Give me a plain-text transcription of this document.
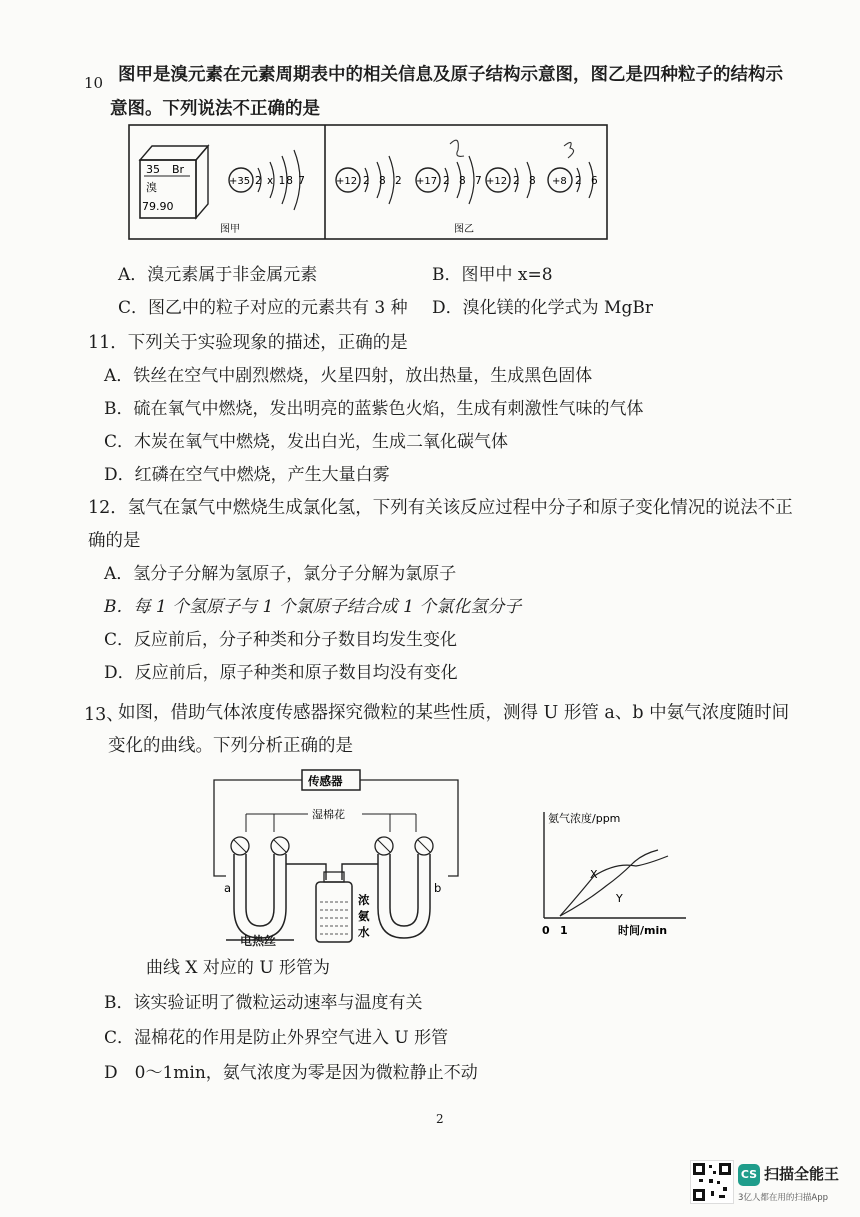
10 图甲是溴元素在元素周期表中的相关信息及原子结构示意图，图乙是四种粒子的结构示
意图。下列说法不正确的是
35 Br
溴
79.90
+35 2 x 18 7	+12 2 8 2 +17 2 8 7 +12 2 8 +8 2 6
图甲	图乙
A．溴元素属于非金属元素	B．图甲中 x=8
C．图乙中的粒子对应的元素共有 3 种 D．溴化镁的化学式为 MgBr
11．下列关于实验现象的描述，正确的是
A．铁丝在空气中剧烈燃烧，火星四射，放出热量，生成黑色固体
B．硫在氧气中燃烧，发出明亮的蓝紫色火焰，生成有刺激性气味的气体
C．木炭在氧气中燃烧，发出白光，生成二氧化碳气体
D．红磷在空气中燃烧，产生大量白雾
12．氢气在氯气中燃烧生成氯化氢，下列有关该反应过程中分子和原子变化情况的说法不正
确的是
A．氢分子分解为氢原子，氯分子分解为氯原子
B．每 1 个氢原子与 1 个氯原子结合成 1 个氯化氢分子
C．反应前后，分子种类和分子数目均发生变化
D．反应前后，原子种类和原子数目均没有变化
13、
如图，借助气体浓度传感器探究微粒的某些性质，测得 U 形管 a、b 中氨气浓度随时间
变化的曲线。下列分析正确的是
传感器
湿棉花
浓
氨
水
a	b
电热丝
氨气浓度/ppm
X
Y
0 1	时间/min
曲线 X 对应的 U 形管为
B．该实验证明了微粒运动速率与温度有关
C．湿棉花的作用是防止外界空气进入 U 形管
D　0～1min，氨气浓度为零是因为微粒静止不动
2
CS 扫描全能王
3亿人都在用的扫描App
